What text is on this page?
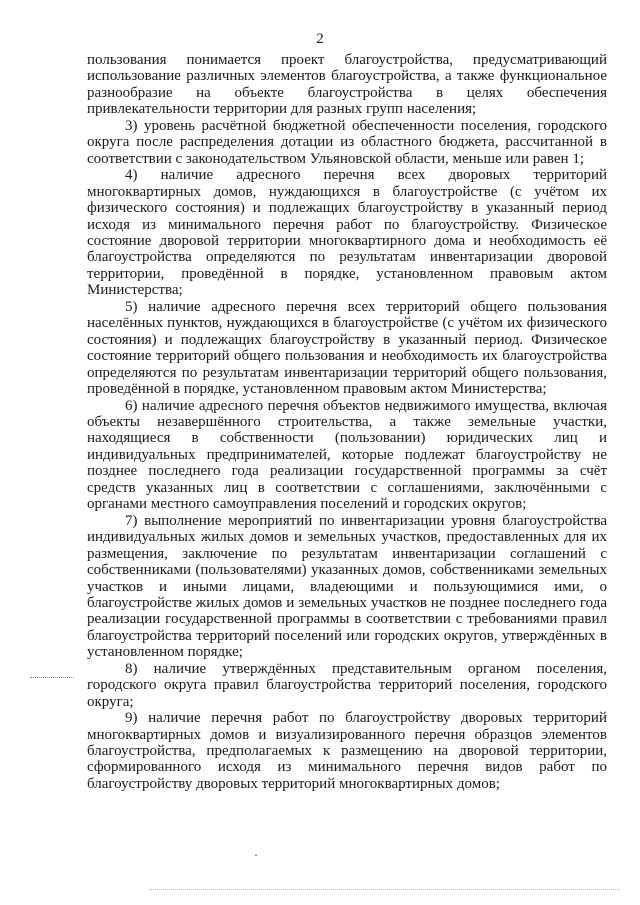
2

пользования понимается проект благоустройства, предусматривающий использование различных элементов благоустройства, а также функциональное разнообразие на объекте благоустройства в целях обеспечения привлекательности территории для разных групп населения;

3) уровень расчётной бюджетной обеспеченности поселения, городского округа после распределения дотации из областного бюджета, рассчитанной в соответствии с законодательством Ульяновской области, меньше или равен 1;

4) наличие адресного перечня всех дворовых территорий многоквартирных домов, нуждающихся в благоустройстве (с учётом их физического состояния) и подлежащих благоустройству в указанный период исходя из минимального перечня работ по благоустройству. Физическое состояние дворовой территории многоквартирного дома и необходимость её благоустройства определяются по результатам инвентаризации дворовой территории, проведённой в порядке, установленном правовым актом Министерства;

5) наличие адресного перечня всех территорий общего пользования населённых пунктов, нуждающихся в благоустройстве (с учётом их физического состояния) и подлежащих благоустройству в указанный период. Физическое состояние территорий общего пользования и необходимость их благоустройства определяются по результатам инвентаризации территорий общего пользования, проведённой в порядке, установленном правовым актом Министерства;

6) наличие адресного перечня объектов недвижимого имущества, включая объекты незавершённого строительства, а также земельные участки, находящиеся в собственности (пользовании) юридических лиц и индивидуальных предпринимателей, которые подлежат благоустройству не позднее последнего года реализации государственной программы за счёт средств указанных лиц в соответствии с соглашениями, заключёнными с органами местного самоуправления поселений и городских округов;

7) выполнение мероприятий по инвентаризации уровня благоустройства индивидуальных жилых домов и земельных участков, предоставленных для их размещения, заключение по результатам инвентаризации соглашений с собственниками (пользователями) указанных домов, собственниками земельных участков и иными лицами, владеющими и пользующимися ими, о благоустройстве жилых домов и земельных участков не позднее последнего года реализации государственной программы в соответствии с требованиями правил благоустройства территорий поселений или городских округов, утверждённых в установленном порядке;

8) наличие утверждённых представительным органом поселения, городского округа правил благоустройства территорий поселения, городского округа;

9) наличие перечня работ по благоустройству дворовых территорий многоквартирных домов и визуализированного перечня образцов элементов благоустройства, предполагаемых к размещению на дворовой территории, сформированного исходя из минимального перечня видов работ по благоустройству дворовых территорий многоквартирных домов;
